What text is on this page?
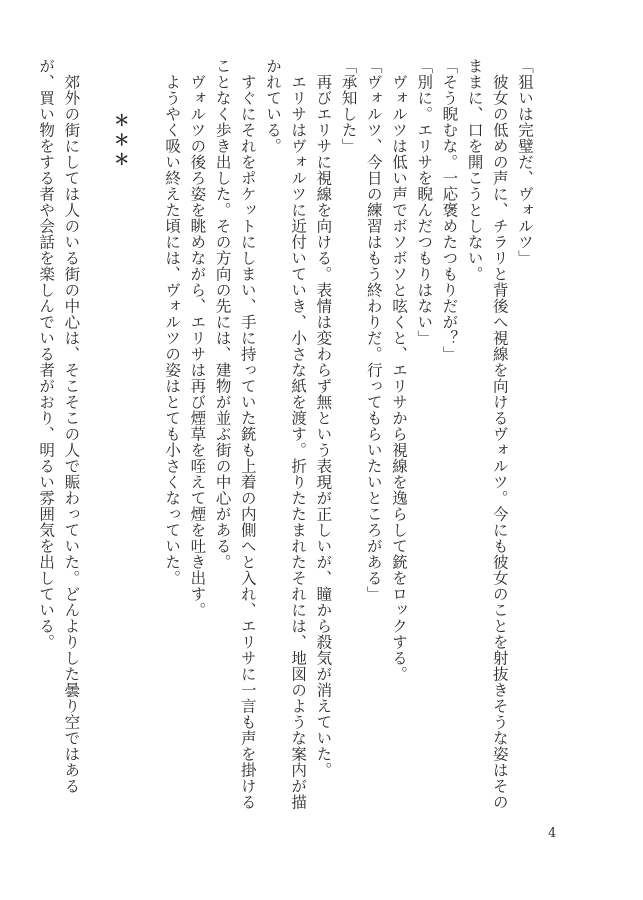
「狙いは完璧だ、ヴォルツ」
彼女の低めの声に、チラリと背後へ視線を向けるヴォルツ。今にも彼女のことを射抜きそうな姿はその
ままに、口を開こうとしない。
「そう睨むな。一応褒めたつもりだが？」
「別に。エリサを睨んだつもりはない」
ヴォルツは低い声でボソボソと呟くと、エリサから視線を逸らして銃をロックする。
「ヴォルツ、今日の練習はもう終わりだ。行ってもらいたいところがある」
「承知した」
再びエリサに視線を向ける。表情は変わらず無という表現が正しいが、瞳から殺気が消えていた。
エリサはヴォルツに近付いていき、小さな紙を渡す。折りたたまれたそれには、地図のような案内が描
かれている。
すぐにそれをポケットにしまい、手に持っていた銃も上着の内側へと入れ、エリサに一言も声を掛ける
ことなく歩き出した。その方向の先には、建物が並ぶ街の中心がある。
ヴォルツの後ろ姿を眺めながら、エリサは再び煙草を咥えて煙を吐き出す。
ようやく吸い終えた頃には、ヴォルツの姿はとても小さくなっていた。
＊＊＊
郊外の街にしては人のいる街の中心は、そこそこの人で賑わっていた。どんよりした曇り空ではある
が、買い物をする者や会話を楽しんでいる者がおり、明るい雰囲気を出している。
4
